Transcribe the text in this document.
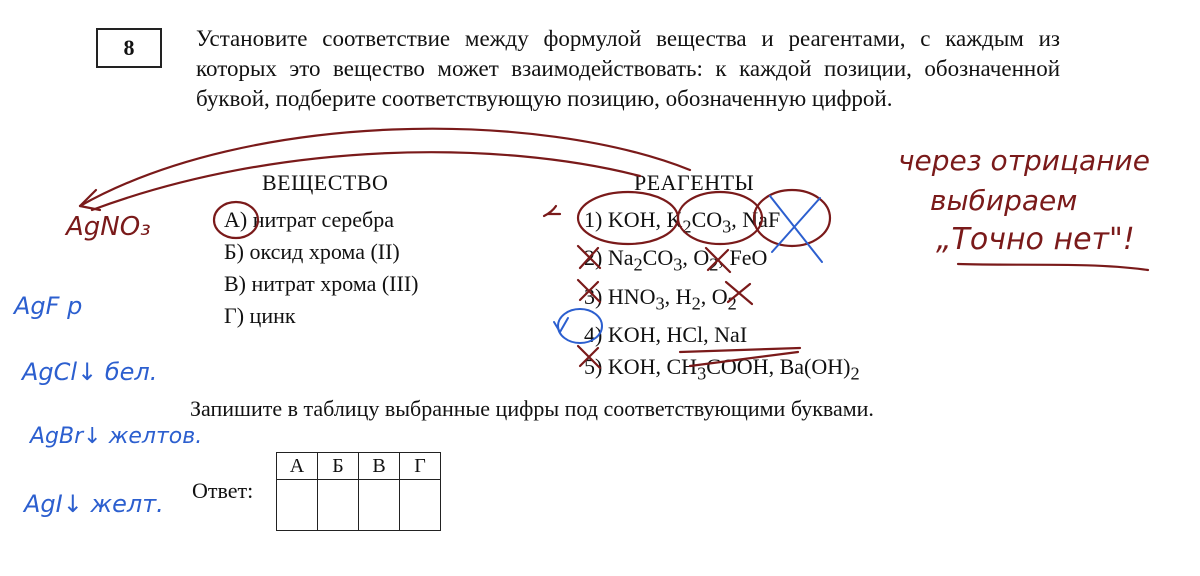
8	Установите соответствие между формулой вещества и реагентами, с каждым из которых это вещество может взаимодействовать: к каждой позиции, обозначенной буквой, подберите соответствующую позицию, обозначенную цифрой.

ВЕЩЕСТВО
А) нитрат серебра
Б) оксид хрома (II)
В) нитрат хрома (III)
Г) цинк
РЕАГЕНТЫ
1) KOH, $K_2CO_3$, NaF
2) $Na_2CO_3$, $O_2$, FeO
3) $HNO_3$, $H_2$, $O_2$
4) KOH, HCl, NaI
5) KOH, $CH_3COOH$, $Ba(OH)_2$
Запишите в таблицу выбранные цифры под соответствующими буквами.
Ответ:
А	Б	В	Г

AgNO₃
через отрицание
выбираем
„Точно нет"!
AgF р
AgCl↓ бел.
AgBr↓ желтов.
AgI↓ желт.
